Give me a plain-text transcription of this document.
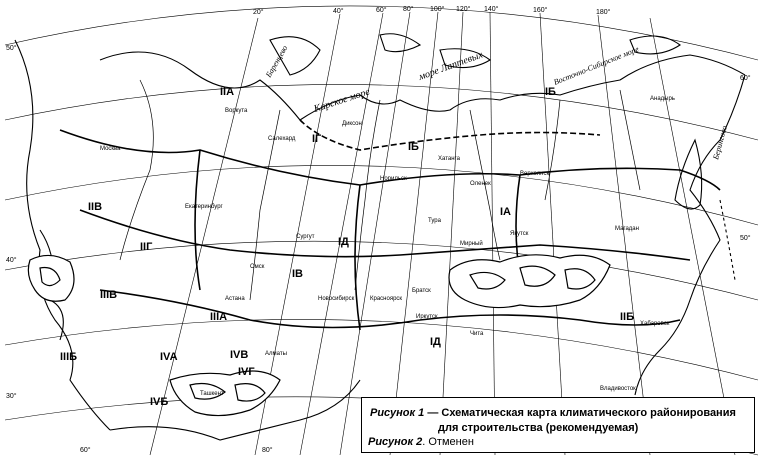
20°	40°	60° 80° 100° 120° 140°	160°	180°
60°	80°
50°
40°
30°
60°
50°
Карское море
море Лаптевых	Восточно-Сибирское море
Баренцево
Берингово
IA
IБ
IБ
IB
IГ
IД
IД
IIA
IIБ
IIB
IIГ
IIIA
IIIБ
IIIB
IVA
IVБ
IVB
IVГ
Хатанга
Диксон
Тура
Воркута
Салехард
Сургут
Новосибирск	Красноярск
Братск
Иркутск
Чита
Якутск
Мирный
Анадырь
Магадан
Хабаровск
Владивосток
Москва
Екатеринбург
Омск
Астана
Алматы
Ташкент
Норильск
Оленек
Верхоянск
Рисунок 1 — Схематическая карта климатического районирования
для строительства (рекомендуемая)
Рисунок 2. Отменен
